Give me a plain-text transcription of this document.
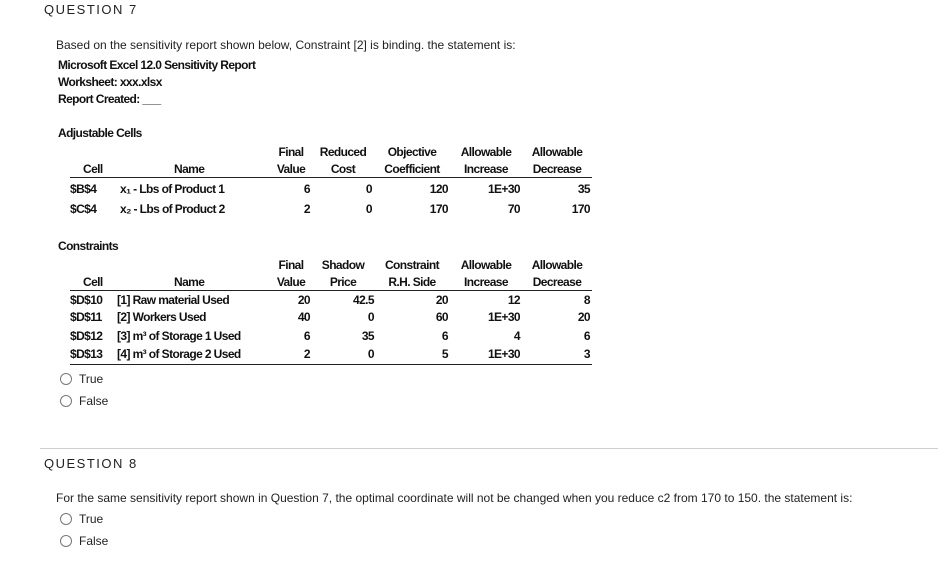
QUESTION 7
Based on the sensitivity report shown below, Constraint [2] is binding. the statement is:
Microsoft Excel 12.0 Sensitivity Report
Worksheet: xxx.xlsx
Report Created: ___
Adjustable Cells
Final Reduced Objective Allowable Allowable
Cell	Name	Value Cost Coefficient Increase Decrease
$B$4 x₁ - Lbs of Product 1	6	0	120	1E+30	35
$C$4 x₂ - Lbs of Product 2	2	0	170	70	170
Constraints
Final Shadow Constraint Allowable Allowable
Cell	Name	Value Price	R.H. Side Increase Decrease
$D$10 [1] Raw material Used	20	42.5	20	12	8
$D$11 [2] Workers Used	40	0	60	1E+30	20
$D$12 [3] m³ of Storage 1 Used	6	35	6	4	6
$D$13 [4] m³ of Storage 2 Used	2	0	5	1E+30	3
True
False
QUESTION 8
For the same sensitivity report shown in Question 7, the optimal coordinate will not be changed when you reduce c2 from 170 to 150. the statement is:
True
False
